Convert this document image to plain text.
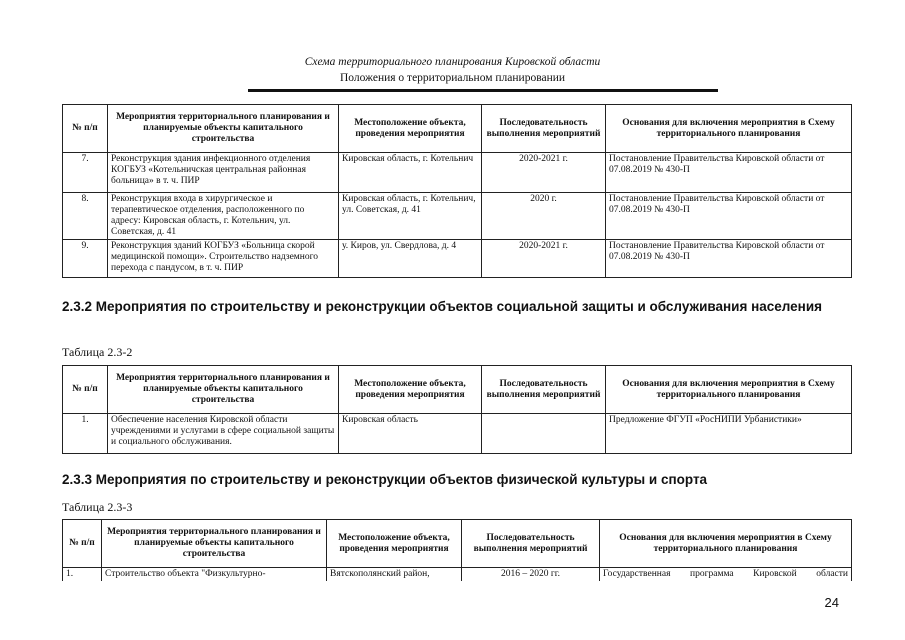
Схема территориального планирования Кировской области
Положения о территориальном планировании
№ п/п	Мероприятия территориального планирования и планируемые объекты капитального строительства	Местоположение объекта, проведения мероприятия	Последовательность выполнения мероприятий	Основания для включения мероприятия в Схему территориального планирования
7.	Реконструкция здания инфекционного отделения КОГБУЗ «Котельничская центральная районная больница» в т. ч. ПИР	Кировская область, г. Котельнич	2020-2021 г.	Постановление Правительства Кировской области от 07.08.2019 № 430-П
8.	Реконструкция входа в хирургическое и терапевтическое отделения, расположенного по адресу: Кировская область, г. Котельнич, ул. Советская, д. 41	Кировская область, г. Котельнич, ул. Советская, д. 41	2020 г.	Постановление Правительства Кировской области от 07.08.2019 № 430-П
9.	Реконструкция зданий КОГБУЗ «Больница скорой медицинской помощи». Строительство надземного перехода с пандусом, в т. ч. ПИР	у. Киров, ул. Свердлова, д. 4	2020-2021 г.	Постановление Правительства Кировской области от 07.08.2019 № 430-П
2.3.2 Мероприятия по строительству и реконструкции объектов социальной защиты и обслуживания населения
Таблица 2.3-2
№ п/п	Мероприятия территориального планирования и планируемые объекты капитального строительства	Местоположение объекта, проведения мероприятия	Последовательность выполнения мероприятий	Основания для включения мероприятия в Схему территориального планирования
1.	Обеспечение населения Кировской области учреждениями и услугами в сфере социальной защиты и социального обслуживания.	Кировская область		Предложение ФГУП «РосНИПИ Урбанистики»
2.3.3 Мероприятия по строительству и реконструкции объектов физической культуры и спорта
Таблица 2.3-3
№ п/п	Мероприятия территориального планирования и планируемые объекты капитального строительства	Местоположение объекта, проведения мероприятия	Последовательность выполнения мероприятий	Основания для включения мероприятия в Схему территориального планирования
1.	Строительство объекта "Физкультурно-	Вятскополянский район,	2016 – 2020 гг.	Государственная программа Кировской области
24
